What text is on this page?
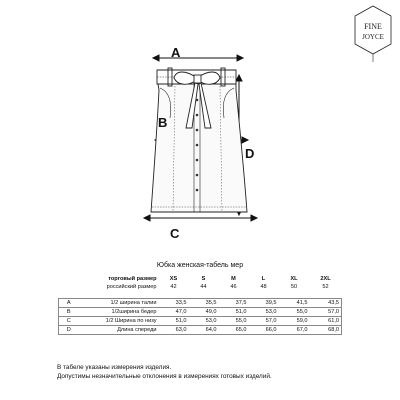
A
B
C
D
FINE
JOYCE
Юбка женская-табель мер
	торговый размер	XS	S	M	L	XL	2XL
	российский размер	42	44	46	48	50	52

A	1/2 ширина талии	33,5	35,5	37,5	39,5	41,5	43,5
B	1/2ширина бедер	47,0	49,0	51,0	53,0	55,0	57,0
C	1/2 Ширина по низу	51,0	53,0	55,0	57,0	59,0	61,0
D	Длина спереди	63,0	64,0	65,0	66,0	67,0	68,0
В табеле указаны измерения изделия.
Допустимы незначительные отклонения в измерениях готовых изделий.
